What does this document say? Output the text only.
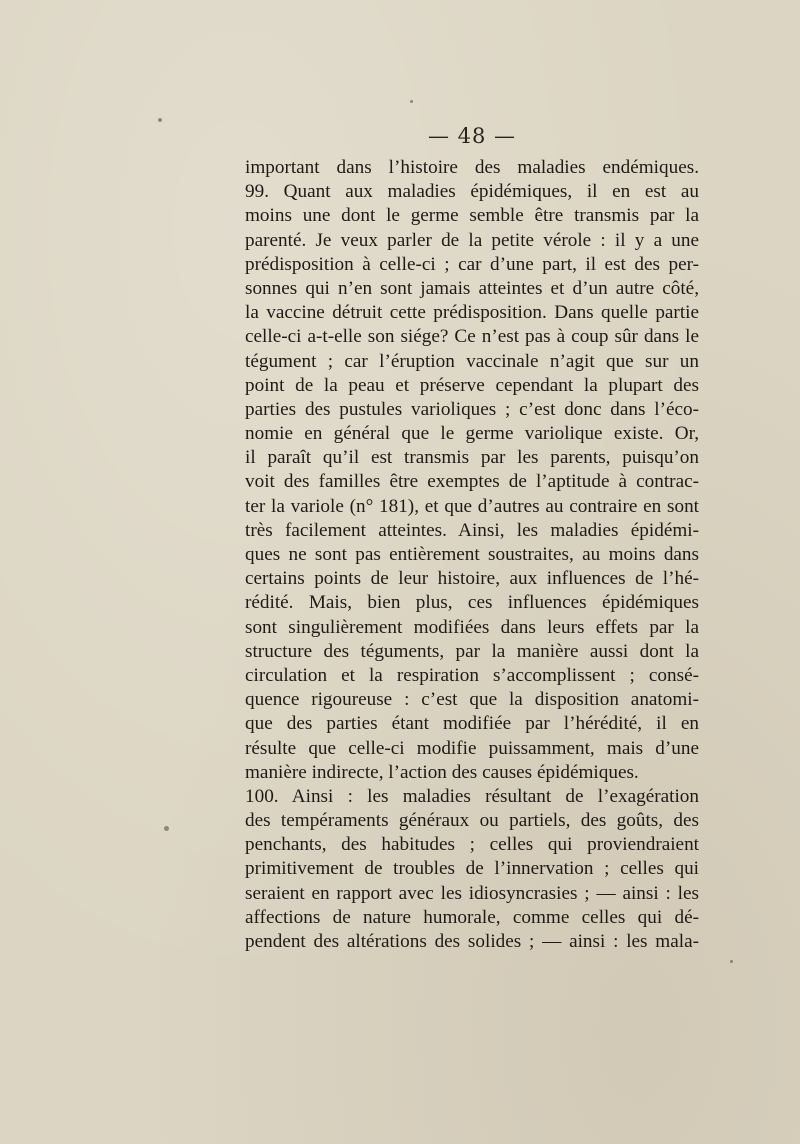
— 48 —
important dans l’histoire des maladies endémiques.
99. Quant aux maladies épidémiques, il en est au
moins une dont le germe semble être transmis par la
parenté. Je veux parler de la petite vérole : il y a une
prédisposition à celle-ci ; car d’une part, il est des per-
sonnes qui n’en sont jamais atteintes et d’un autre côté,
la vaccine détruit cette prédisposition. Dans quelle partie
celle-ci a-t-elle son siége? Ce n’est pas à coup sûr dans le
tégument ; car l’éruption vaccinale n’agit que sur un
point de la peau et préserve cependant la plupart des
parties des pustules varioliques ; c’est donc dans l’éco-
nomie en général que le germe variolique existe. Or,
il paraît qu’il est transmis par les parents, puisqu’on
voit des familles être exemptes de l’aptitude à contrac-
ter la variole (n° 181), et que d’autres au contraire en sont
très facilement atteintes. Ainsi, les maladies épidémi-
ques ne sont pas entièrement soustraites, au moins dans
certains points de leur histoire, aux influences de l’hé-
rédité. Mais, bien plus, ces influences épidémiques
sont singulièrement modifiées dans leurs effets par la
structure des téguments, par la manière aussi dont la
circulation et la respiration s’accomplissent ; consé-
quence rigoureuse : c’est que la disposition anatomi-
que des parties étant modifiée par l’hérédité, il en
résulte que celle-ci modifie puissamment, mais d’une
manière indirecte, l’action des causes épidémiques.
100. Ainsi : les maladies résultant de l’exagération
des tempéraments généraux ou partiels, des goûts, des
penchants, des habitudes ; celles qui proviendraient
primitivement de troubles de l’innervation ; celles qui
seraient en rapport avec les idiosyncrasies ; — ainsi : les
affections de nature humorale, comme celles qui dé-
pendent des altérations des solides ; — ainsi : les mala-
